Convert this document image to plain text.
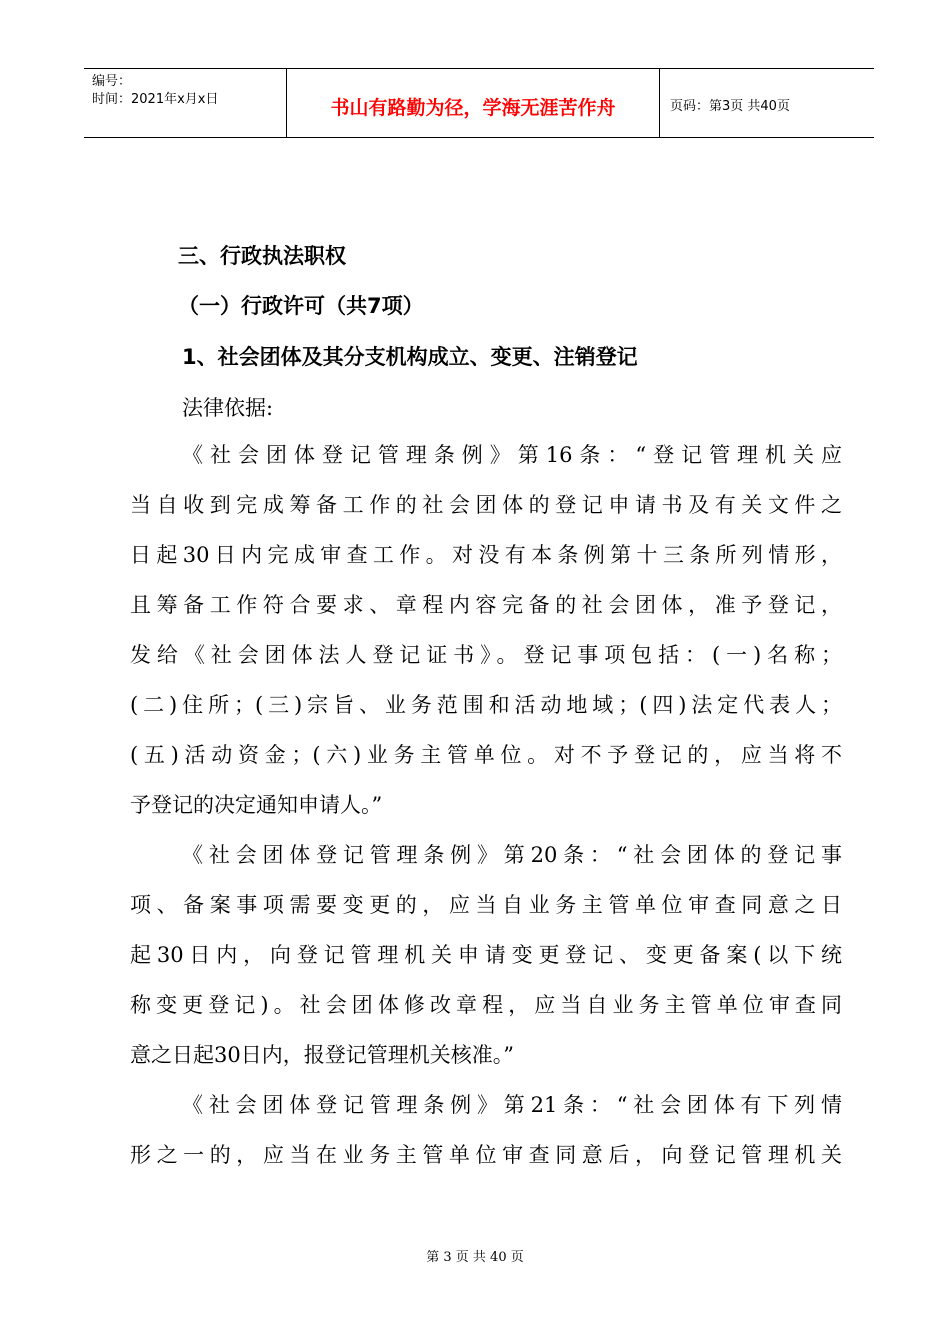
编号：
时间：2021年x月x日	书山有路勤为径，学海无涯苦作舟	页码：第3页 共40页
三、行政执法职权
（一）行政许可（共7项）
1、社会团体及其分支机构成立、变更、注销登记
法律依据:
《社会团体登记管理条例》第16条：“登记管理机关应
当自收到完成筹备工作的社会团体的登记申请书及有关文件之
日起30日内完成审查工作。对没有本条例第十三条所列情形，
且筹备工作符合要求、章程内容完备的社会团体，准予登记，
发给《社会团体法人登记证书》。登记事项包括：(一)名称；
(二)住所；(三)宗旨、业务范围和活动地域；(四)法定代表人；
(五)活动资金；(六)业务主管单位。对不予登记的，应当将不
予登记的决定通知申请人。”
《社会团体登记管理条例》第20条：“社会团体的登记事
项、备案事项需要变更的，应当自业务主管单位审查同意之日
起30日内，向登记管理机关申请变更登记、变更备案(以下统
称变更登记)。社会团体修改章程，应当自业务主管单位审查同
意之日起30日内，报登记管理机关核准。”
《社会团体登记管理条例》第21条：“社会团体有下列情
形之一的，应当在业务主管单位审查同意后，向登记管理机关
第 3 页 共 40 页
